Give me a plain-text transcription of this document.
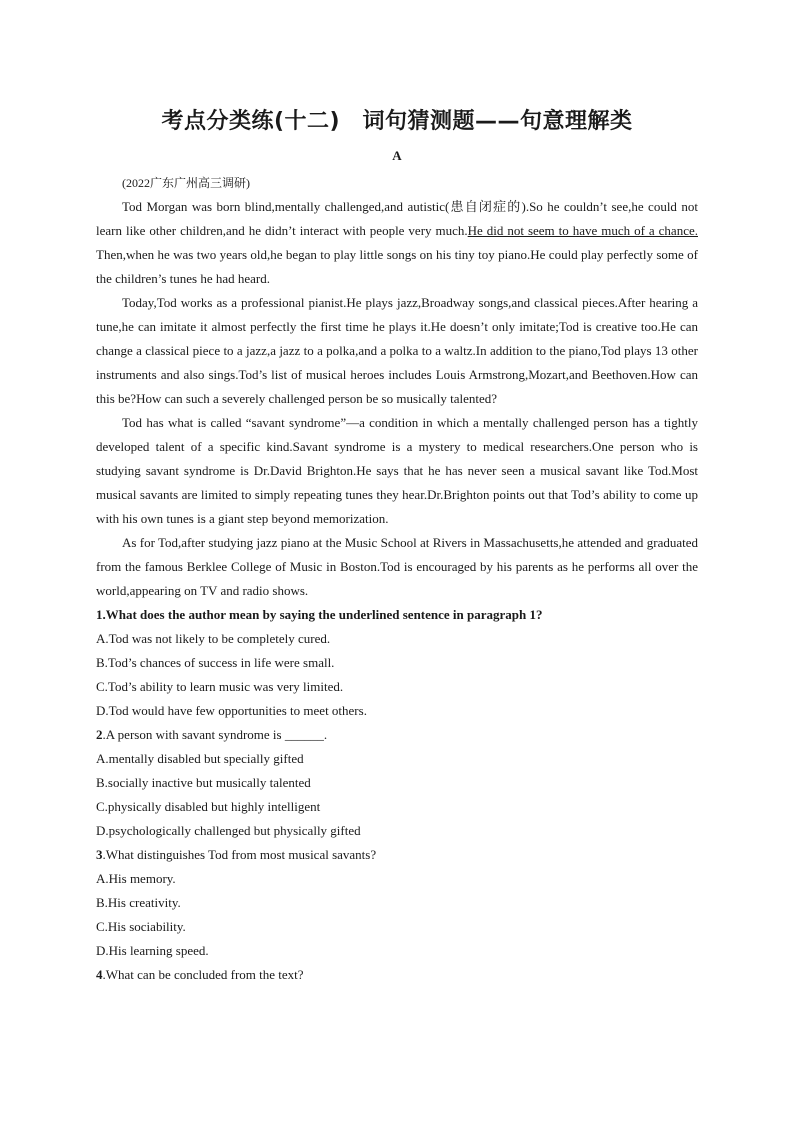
考点分类练(十二)　词句猜测题——句意理解类
A

(2022广东广州高三调研)

Tod Morgan was born blind,mentally challenged,and autistic(患自闭症的).So he couldn’t see,he could not learn like other children,and he didn’t interact with people very much.He did not seem to have much of a chance. Then,when he was two years old,he began to play little songs on his tiny toy piano.He could play perfectly some of the children’s tunes he had heard.

Today,Tod works as a professional pianist.He plays jazz,Broadway songs,and classical pieces.After hearing a tune,he can imitate it almost perfectly the first time he plays it.He doesn’t only imitate;Tod is creative too.He can change a classical piece to a jazz,a jazz to a polka,and a polka to a waltz.In addition to the piano,Tod plays 13 other instruments and also sings.Tod’s list of musical heroes includes Louis Armstrong,Mozart,and Beethoven.How can this be?How can such a severely challenged person be so musically talented?

Tod has what is called “savant syndrome”—a condition in which a mentally challenged person has a tightly developed talent of a specific kind.Savant syndrome is a mystery to medical researchers.One person who is studying savant syndrome is Dr.David Brighton.He says that he has never seen a musical savant like Tod.Most musical savants are limited to simply repeating tunes they hear.Dr.Brighton points out that Tod’s ability to come up with his own tunes is a giant step beyond memorization.

As for Tod,after studying jazz piano at the Music School at Rivers in Massachusetts,he attended and graduated from the famous Berklee College of Music in Boston.Tod is encouraged by his parents as he performs all over the world,appearing on TV and radio shows.

1.What does the author mean by saying the underlined sentence in paragraph 1?

A.Tod was not likely to be completely cured.

B.Tod’s chances of success in life were small.

C.Tod’s ability to learn music was very limited.

D.Tod would have few opportunities to meet others.

2.A person with savant syndrome is ______.

A.mentally disabled but specially gifted

B.socially inactive but musically talented

C.physically disabled but highly intelligent

D.psychologically challenged but physically gifted

3.What distinguishes Tod from most musical savants?

A.His memory.

B.His creativity.

C.His sociability.

D.His learning speed.

4.What can be concluded from the text?
